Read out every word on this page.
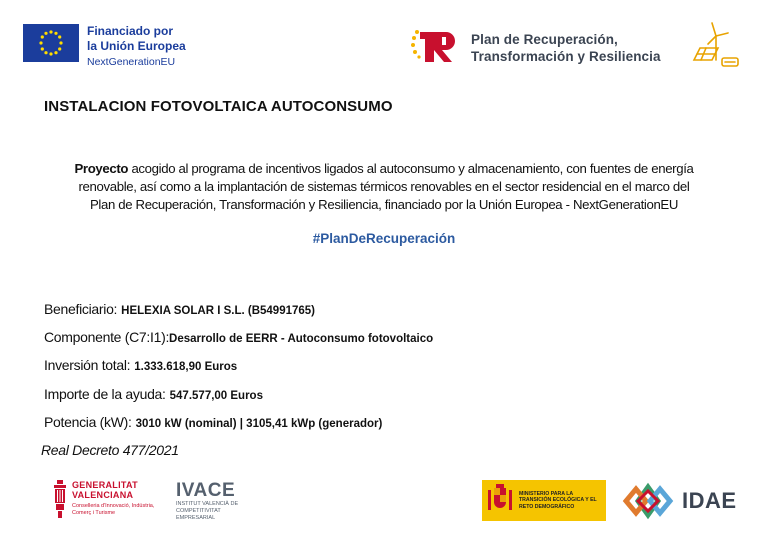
Financiado por
la Unión Europea
NextGenerationEU
Plan de Recuperación,
Transformación y Resiliencia
INSTALACION FOTOVOLTAICA AUTOCONSUMO
Proyecto acogido al programa de incentivos ligados al autoconsumo y almacenamiento, con fuentes de energía
renovable, así como a la implantación de sistemas térmicos renovables en el sector residencial en el marco del
Plan de Recuperación, Transformación y Resiliencia, financiado por la Unión Europea - NextGenerationEU
#PlanDeRecuperación
Beneficiario: HELEXIA SOLAR I S.L. (B54991765)
Componente (C7:I1):Desarrollo de EERR - Autoconsumo fotovoltaico
Inversión total: 1.333.618,90 Euros
Importe de la ayuda: 547.577,00 Euros
Potencia (kW): 3010 kW (nominal) | 3105,41 kWp (generador)
Real Decreto 477/2021
GENERALITAT
VALENCIANA
Conselleria d'Innovació, Indústria, Comerç i Turisme
IVACE
INSTITUT VALENCIÀ DE COMPETITIVITAT EMPRESARIAL
MINISTERIO PARA LA TRANSICIÓN ECOLÓGICA Y EL RETO DEMOGRÁFICO	IDAE
